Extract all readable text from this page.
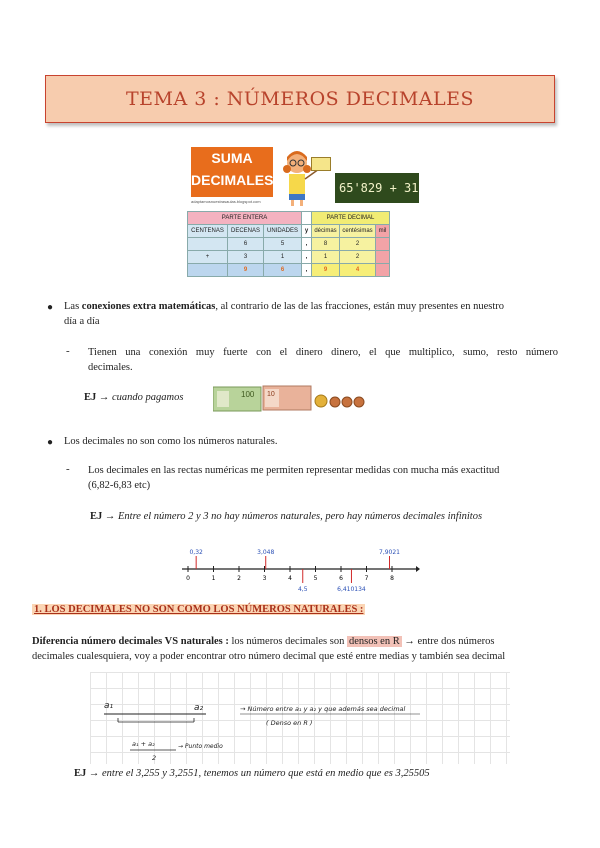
TEMA 3 : NÚMEROS DECIMALES
SUMA
DECIMALES
adaptamosnuestrasaulas.blogspot.com
65'829 + 31
PARTE ENTERA				PARTE DECIMAL		
CENTENAS	DECENAS	UNIDADES	y	décimas	centésimas	mil
	6	5	,	8	2	
+	3	1	,	1	2	
	9	6	,	9	4	
● Las conexiones extra matemáticas, al contrario de las de las fracciones, están muy presentes en nuestro
día a día
- Tienen una conexión muy fuerte con el dinero dinero, el que multiplico, sumo, resto número
decimales.
EJ → cuando pagamos	100 10
● Los decimales no son como los números naturales.
- Los decimales en las rectas numéricas me permiten representar medidas con mucha más exactitud
(6,82-6,83 etc)
EJ → Entre el número 2 y 3 no hay números naturales, pero hay números decimales infinitos
0	1	2	3	4	5	6	7	8
0,32	3,048	7,9021
4,5	6,410134
1. LOS DECIMALES NO SON COMO LOS NÚMEROS NATURALES :
Diferencia número decimales VS naturales : los números decimales son densos en R → entre dos números
decimales cualesquiera, voy a poder encontrar otro número decimal que esté entre medias y también sea decimal
a₁	a₂	→ Número entre a₁ y a₂ y que además sea decimal
( Denso en R )
a₁ + a₂
2
→ Punto medio
EJ → entre el 3,255 y 3,2551, tenemos un número que está en medio que es 3,25505
